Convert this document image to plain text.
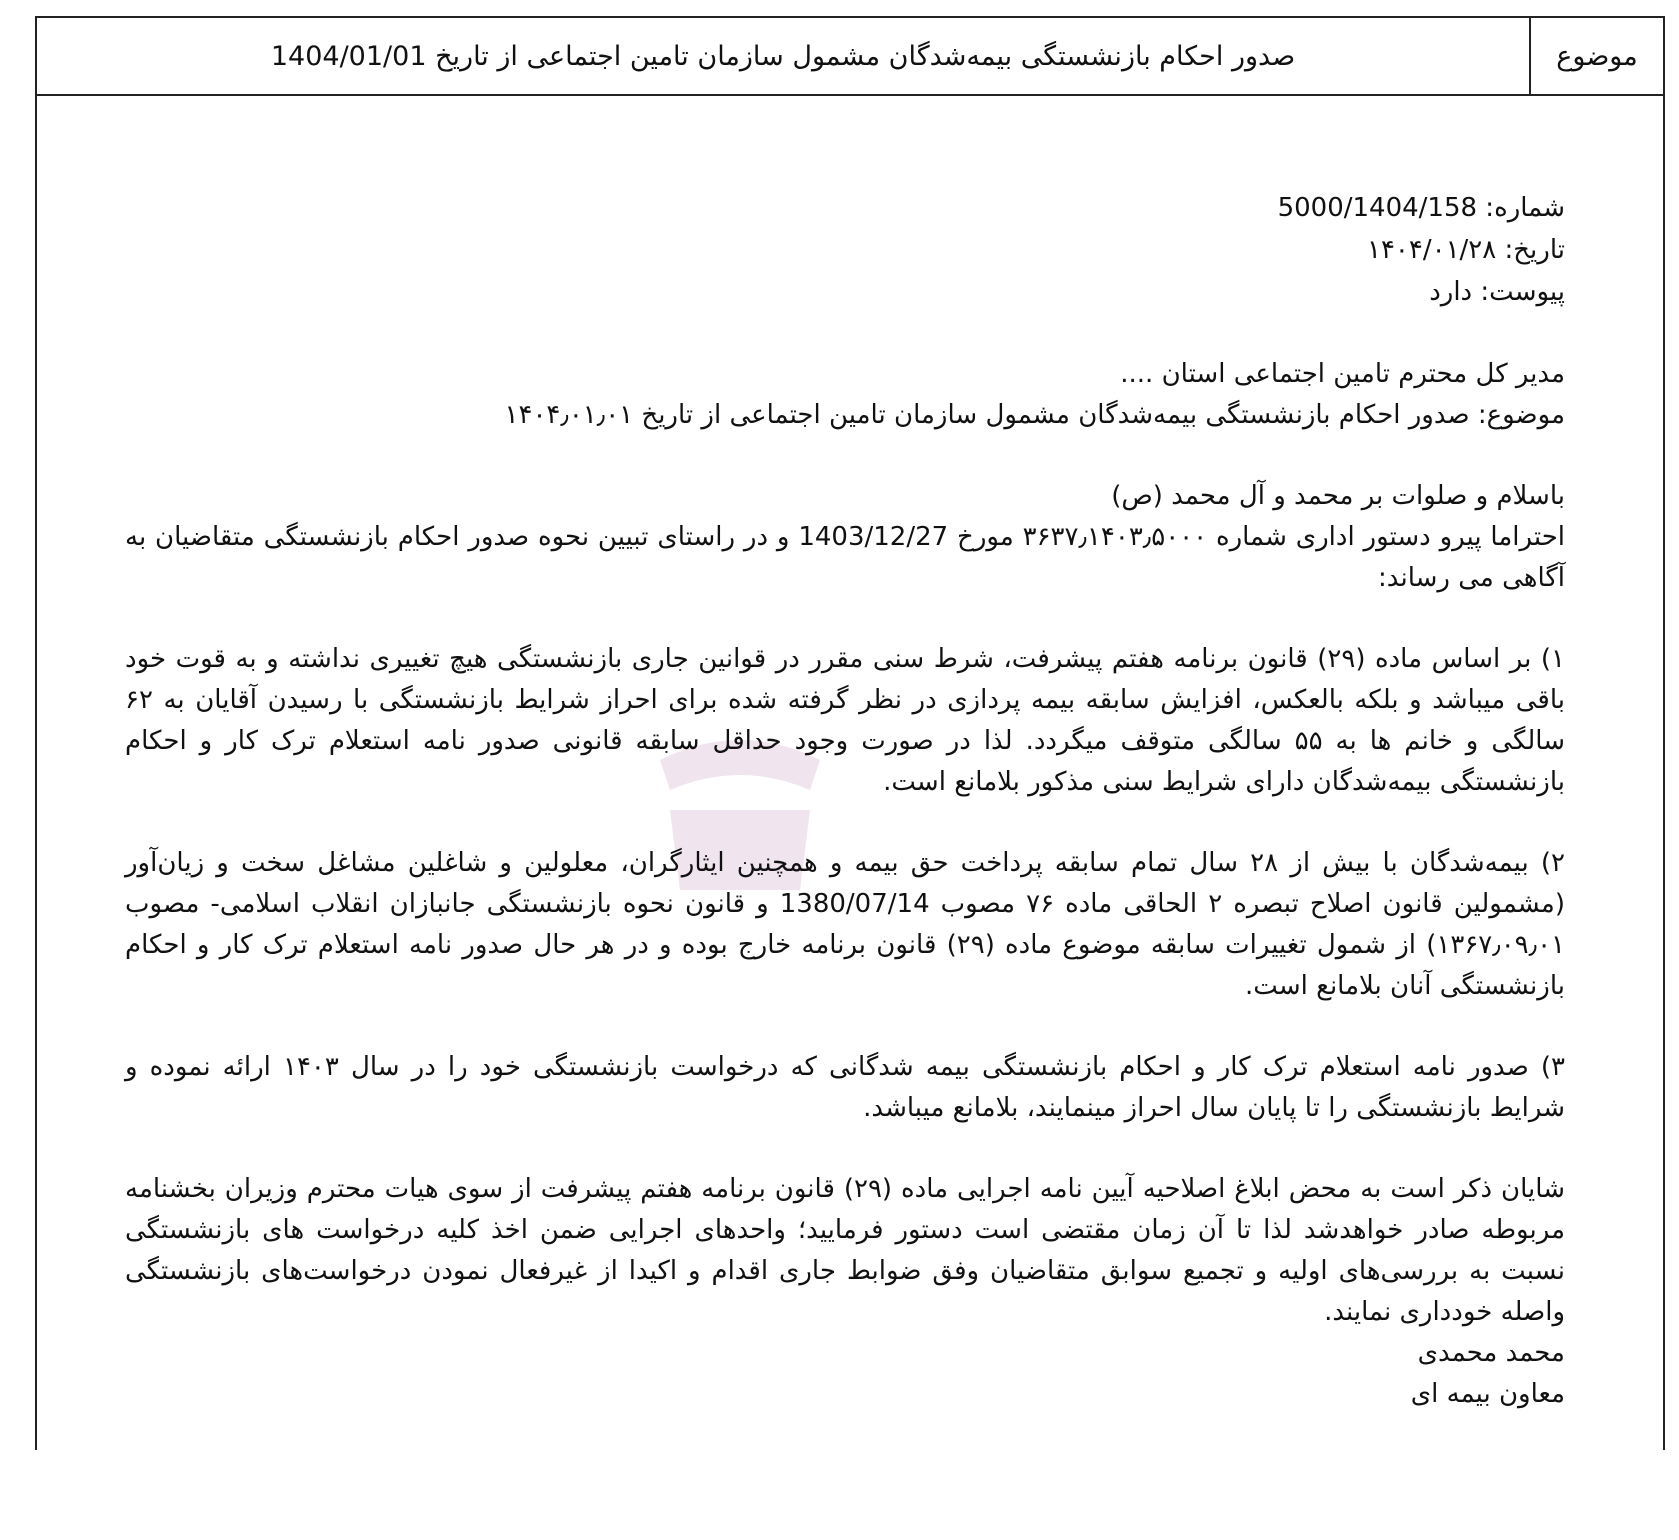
صدور احکام بازنشستگی بیمه‌شدگان مشمول سازمان تامین اجتماعی از تاریخ 1404/01/01	موضوع
شماره: 5000/1404/158
تاریخ: ۱۴۰۴/۰۱/۲۸
پیوست: دارد
مدیر کل محترم تامین اجتماعی استان ....
موضوع: صدور احکام بازنشستگی بیمه‌شدگان مشمول سازمان تامین اجتماعی از تاریخ ۱۴۰۴٫۰۱٫۰۱
باسلام و صلوات بر محمد و آل محمد (ص)
احتراما پیرو دستور اداری شماره ۳۶۳۷٫۱۴۰۳٫۵۰۰۰ مورخ 1403/12/27 و در راستای تبیین نحوه صدور احکام بازنشستگی متقاضیان به آگاهی می رساند:
۱) بر اساس ماده (۲۹) قانون برنامه هفتم پیشرفت، شرط سنی مقرر در قوانین جاری بازنشستگی هیچ تغییری نداشته و به قوت خود باقی میباشد و بلکه بالعکس، افزایش سابقه بیمه پردازی در نظر گرفته شده برای احراز شرایط بازنشستگی با رسیدن آقایان به ۶۲ سالگی و خانم ها به ۵۵ سالگی متوقف میگردد. لذا در صورت وجود حداقل سابقه قانونی صدور نامه استعلام ترک کار و احکام بازنشستگی بیمه‌شدگان دارای شرایط سنی مذکور بلامانع است.
۲) بیمه‌شدگان با بیش از ۲۸ سال تمام سابقه پرداخت حق بیمه و همچنین ایثارگران، معلولین و شاغلین مشاغل سخت و زیان‌آور (مشمولین قانون اصلاح تبصره ۲ الحاقی ماده ۷۶ مصوب 1380/07/14 و قانون نحوه بازنشستگی جانبازان انقلاب اسلامی- مصوب ۱۳۶۷٫۰۹٫۰۱) از شمول تغییرات سابقه موضوع ماده (۲۹) قانون برنامه خارج بوده و در هر حال صدور نامه استعلام ترک کار و احکام بازنشستگی آنان بلامانع است.
۳) صدور نامه استعلام ترک کار و احکام بازنشستگی بیمه شدگانی که درخواست بازنشستگی خود را در سال ۱۴۰۳ ارائه نموده و شرایط بازنشستگی را تا پایان سال احراز مینمایند، بلامانع میباشد.
شایان ذکر است به محض ابلاغ اصلاحیه آیین نامه اجرایی ماده (۲۹) قانون برنامه هفتم پیشرفت از سوی هیات محترم وزیران بخشنامه مربوطه صادر خواهدشد لذا تا آن زمان مقتضی است دستور فرمایید؛ واحدهای اجرایی ضمن اخذ کلیه درخواست های بازنشستگی نسبت به بررسی‌های اولیه و تجمیع سوابق متقاضیان وفق ضوابط جاری اقدام و اکیدا از غیرفعال نمودن درخواست‌های بازنشستگی واصله خودداری نمایند.
محمد محمدی
معاون بیمه ای
